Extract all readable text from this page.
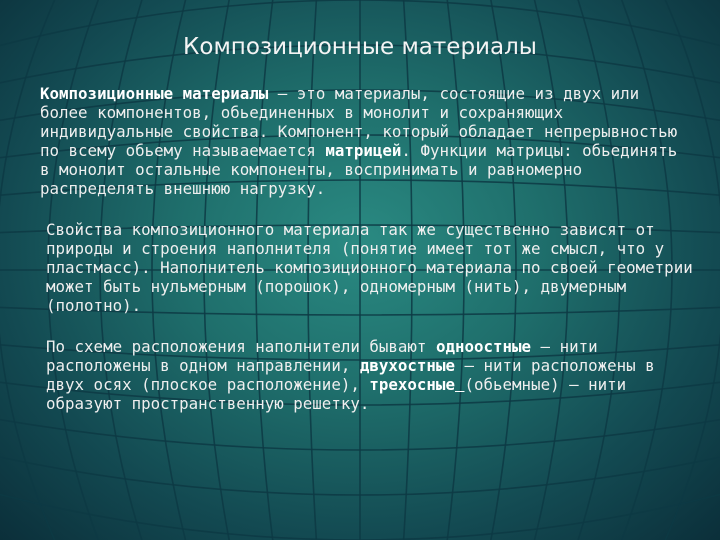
Композиционные материалы

Композиционные материалы – это материалы, состоящие из двух или более компонентов, обьединенных в монолит и сохраняющих индивидуальные свойства. Компонент, который обладает непрерывностью по всему обьему называемается матрицей. Функции матрицы: обьединять в монолит остальные компоненты, воспринимать и равномерно распределять внешнюю нагрузку.

Свойства композиционного материала так же существенно зависят от природы и строения наполнителя (понятие имеет тот же смысл, что у пластмасс). Наполнитель композиционного материала по своей геометрии может быть нульмерным (порошок), одномерным (нить), двумерным (полотно).

По схеме расположения наполнители бывают одноостные – нити расположены в одном направлении, двухостные – нити расположены в двух осях (плоское расположение), трехосные (обьемные) – нити образуют пространственную решетку.
